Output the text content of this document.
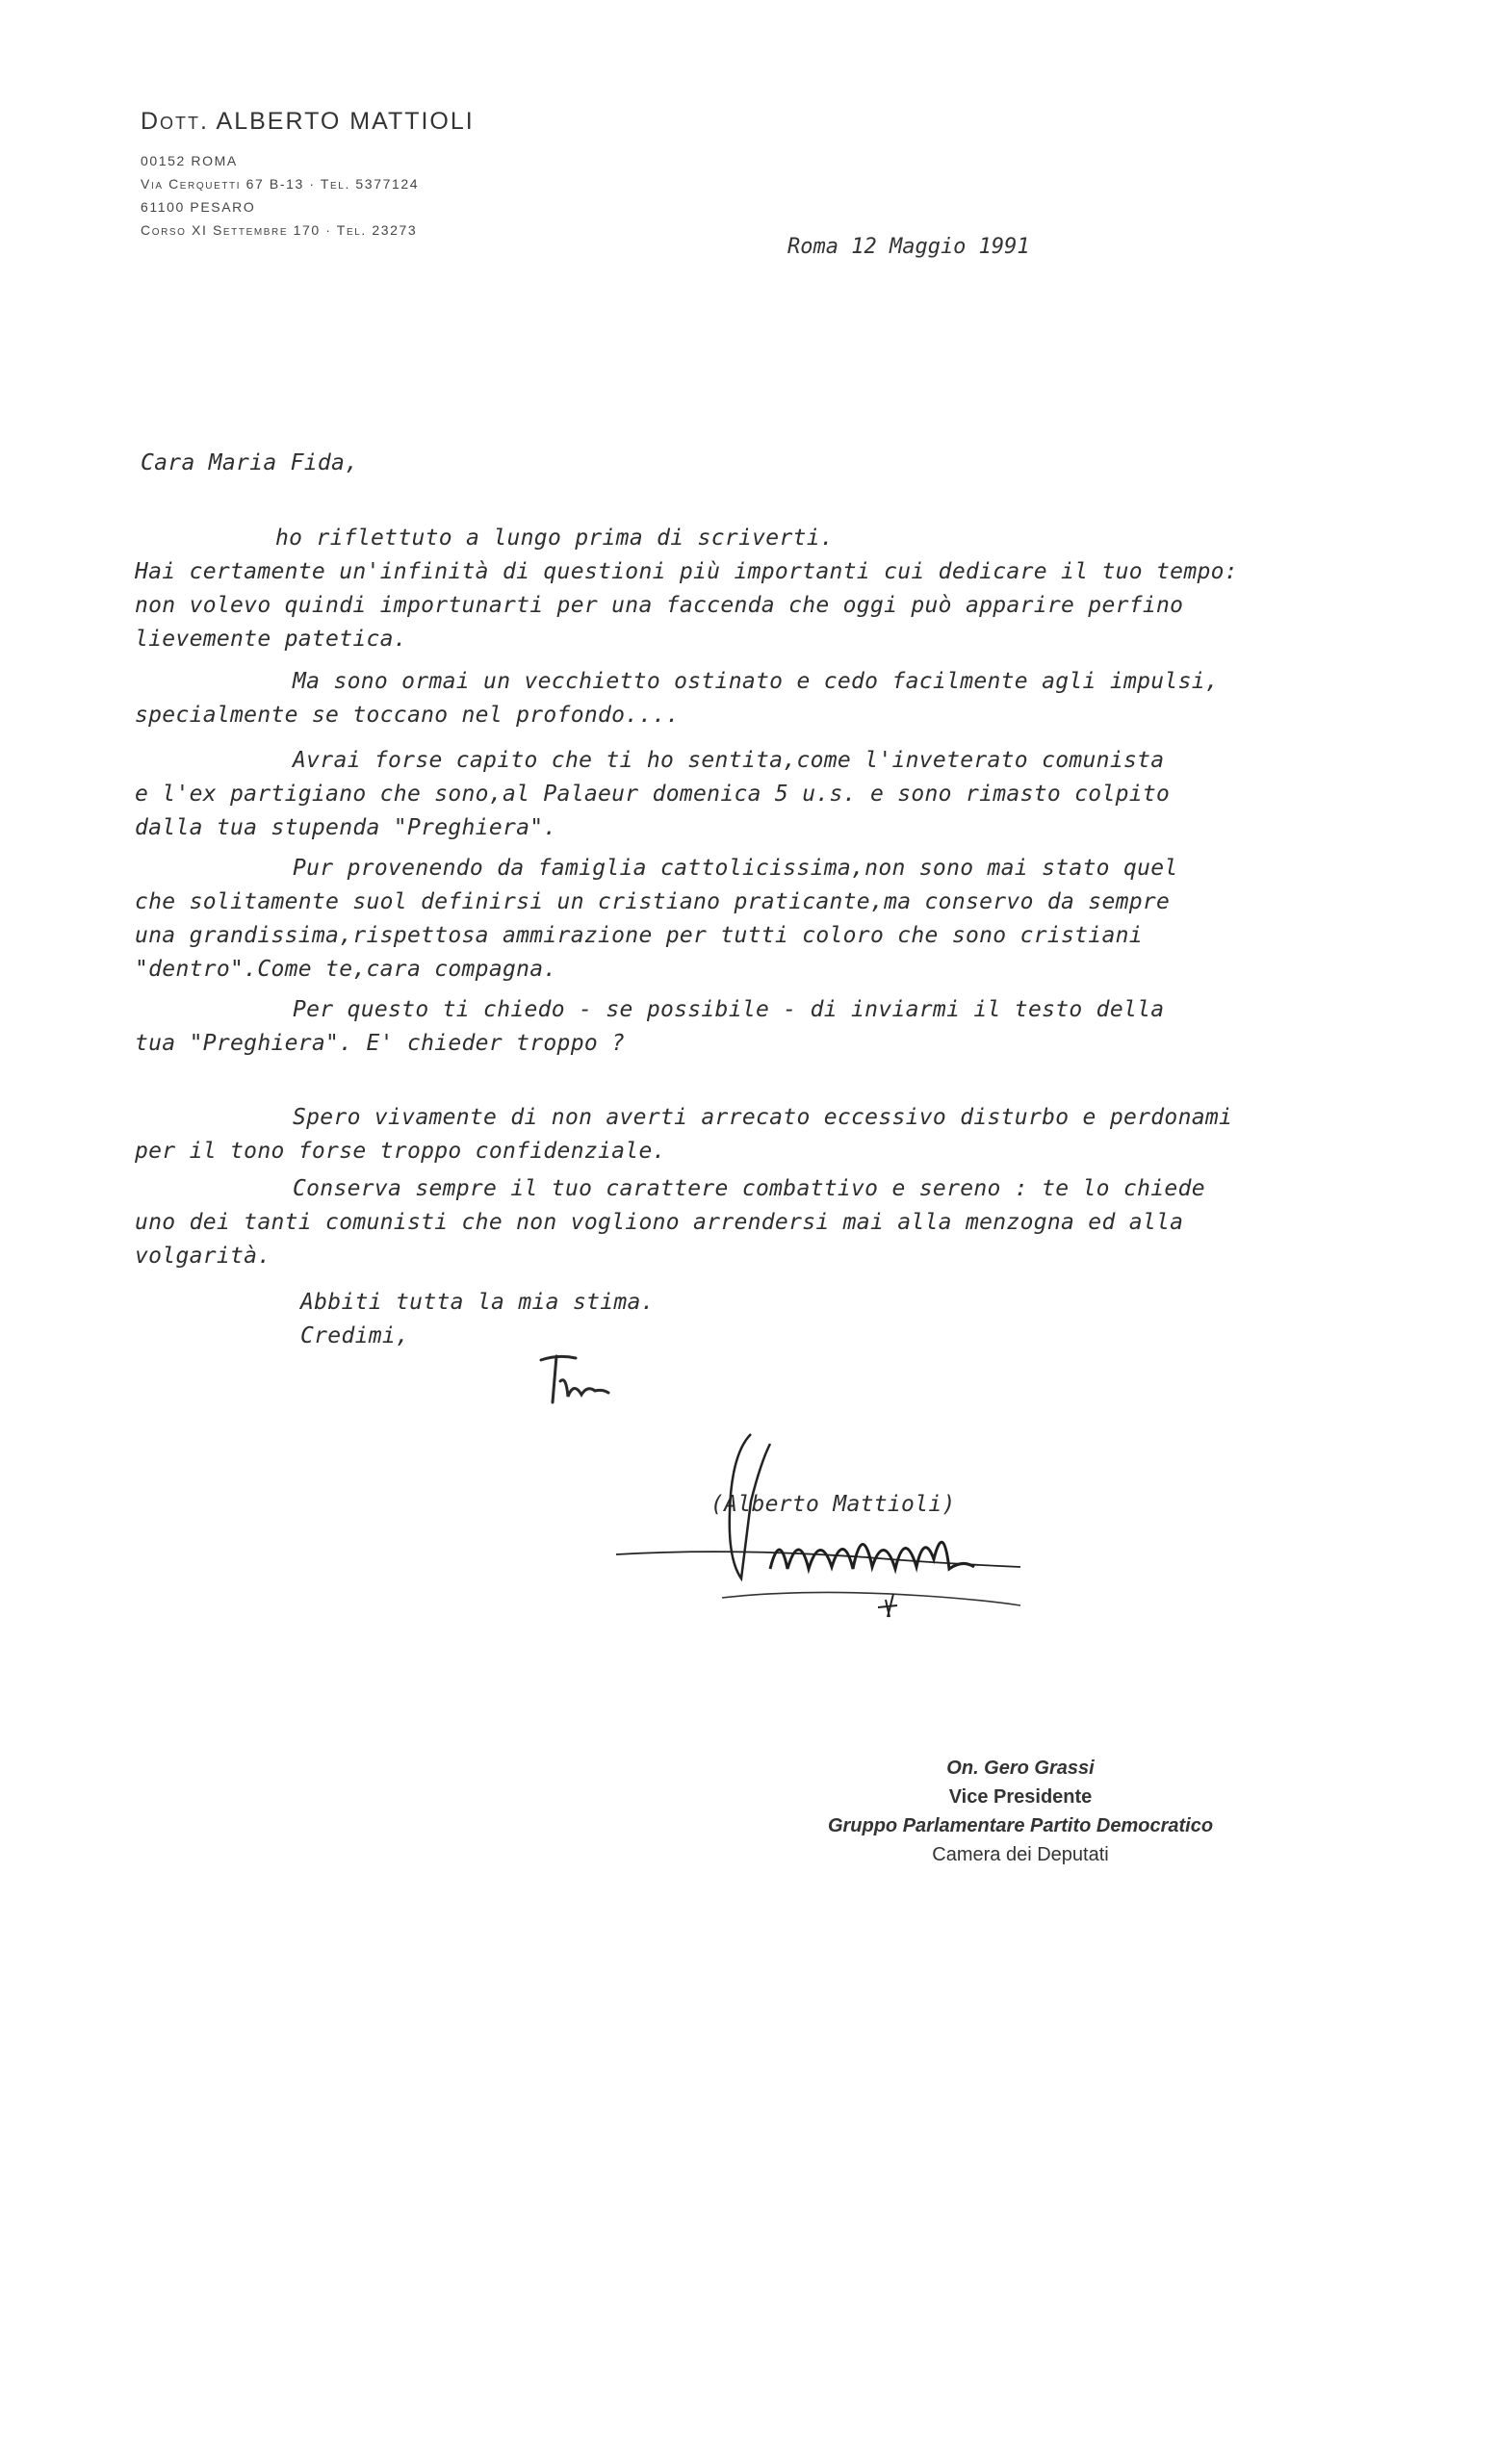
Dott. ALBERTO MATTIOLI
00152 ROMA
Via Cerquetti 67 B-13 · Tel. 5377124
61100 PESARO
Corso XI Settembre 170 · Tel. 23273
Roma 12 Maggio 1991
Cara Maria Fida,
ho riflettuto a lungo prima di scriverti.
Hai certamente un'infinità di questioni più importanti cui dedicare il tuo tempo:
non volevo quindi importunarti per una faccenda che oggi può apparire perfino
lievemente patetica.
Ma sono ormai un vecchietto ostinato e cedo facilmente agli impulsi,
specialmente se toccano nel profondo....
Avrai forse capito che ti ho sentita,come l'inveterato comunista
e l'ex partigiano che sono,al Palaeur domenica 5 u.s. e sono rimasto colpito
dalla tua stupenda "Preghiera".
Pur provenendo da famiglia cattolicissima,non sono mai stato quel
che solitamente suol definirsi un cristiano praticante,ma conservo da sempre
una grandissima,rispettosa ammirazione per tutti coloro che sono cristiani
"dentro".Come te,cara compagna.
Per questo ti chiedo - se possibile - di inviarmi il testo della
tua "Preghiera". E' chieder troppo ?
Spero vivamente di non averti arrecato eccessivo disturbo e perdonami
per il tono forse troppo confidenziale.
Conserva sempre il tuo carattere combattivo e sereno : te lo chiede
uno dei tanti comunisti che non vogliono arrendersi mai alla menzogna ed alla
volgarità.
Abbiti tutta la mia stima.
Credimi,
(Alberto Mattioli)
On. Gero Grassi
Vice Presidente
Gruppo Parlamentare Partito Democratico
Camera dei Deputati
